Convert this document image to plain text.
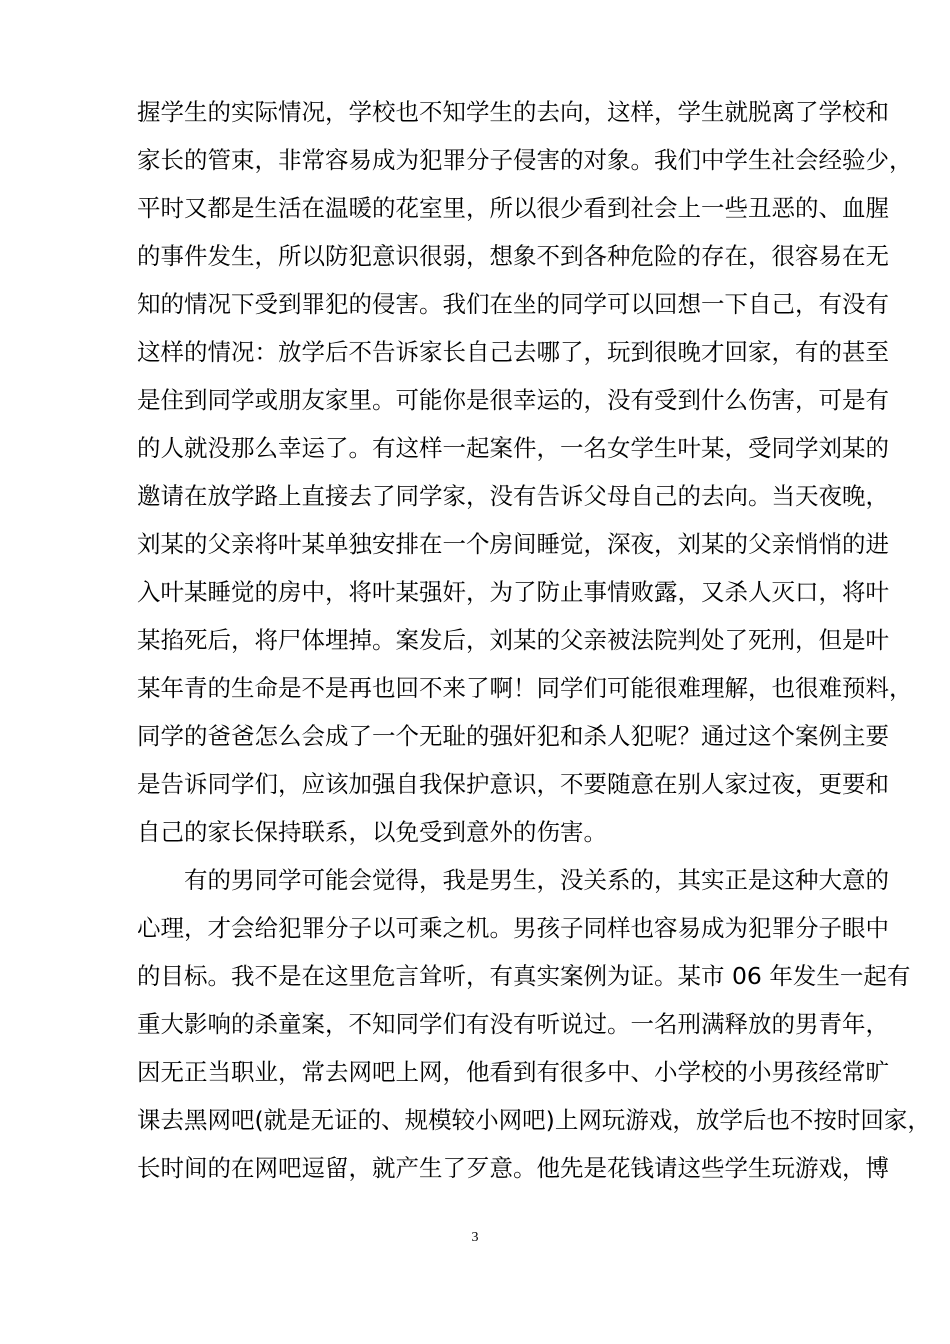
握学生的实际情况，学校也不知学生的去向，这样，学生就脱离了学校和
家长的管束，非常容易成为犯罪分子侵害的对象。我们中学生社会经验少，
平时又都是生活在温暖的花室里，所以很少看到社会上一些丑恶的、血腥
的事件发生，所以防犯意识很弱，想象不到各种危险的存在，很容易在无
知的情况下受到罪犯的侵害。我们在坐的同学可以回想一下自己，有没有
这样的情况：放学后不告诉家长自己去哪了，玩到很晚才回家，有的甚至
是住到同学或朋友家里。可能你是很幸运的，没有受到什么伤害，可是有
的人就没那么幸运了。有这样一起案件，一名女学生叶某，受同学刘某的
邀请在放学路上直接去了同学家，没有告诉父母自己的去向。当天夜晚，
刘某的父亲将叶某单独安排在一个房间睡觉，深夜，刘某的父亲悄悄的进
入叶某睡觉的房中，将叶某强奸，为了防止事情败露，又杀人灭口，将叶
某掐死后，将尸体埋掉。案发后，刘某的父亲被法院判处了死刑，但是叶
某年青的生命是不是再也回不来了啊！同学们可能很难理解，也很难预料，
同学的爸爸怎么会成了一个无耻的强奸犯和杀人犯呢？通过这个案例主要
是告诉同学们，应该加强自我保护意识，不要随意在别人家过夜，更要和
自己的家长保持联系，以免受到意外的伤害。
有的男同学可能会觉得，我是男生，没关系的，其实正是这种大意的
心理，才会给犯罪分子以可乘之机。男孩子同样也容易成为犯罪分子眼中
的目标。我不是在这里危言耸听，有真实案例为证。某市 06 年发生一起有
重大影响的杀童案，不知同学们有没有听说过。一名刑满释放的男青年，
因无正当职业，常去网吧上网，他看到有很多中、小学校的小男孩经常旷
课去黑网吧(就是无证的、规模较小网吧)上网玩游戏，放学后也不按时回家，
长时间的在网吧逗留，就产生了歹意。他先是花钱请这些学生玩游戏，博
3
